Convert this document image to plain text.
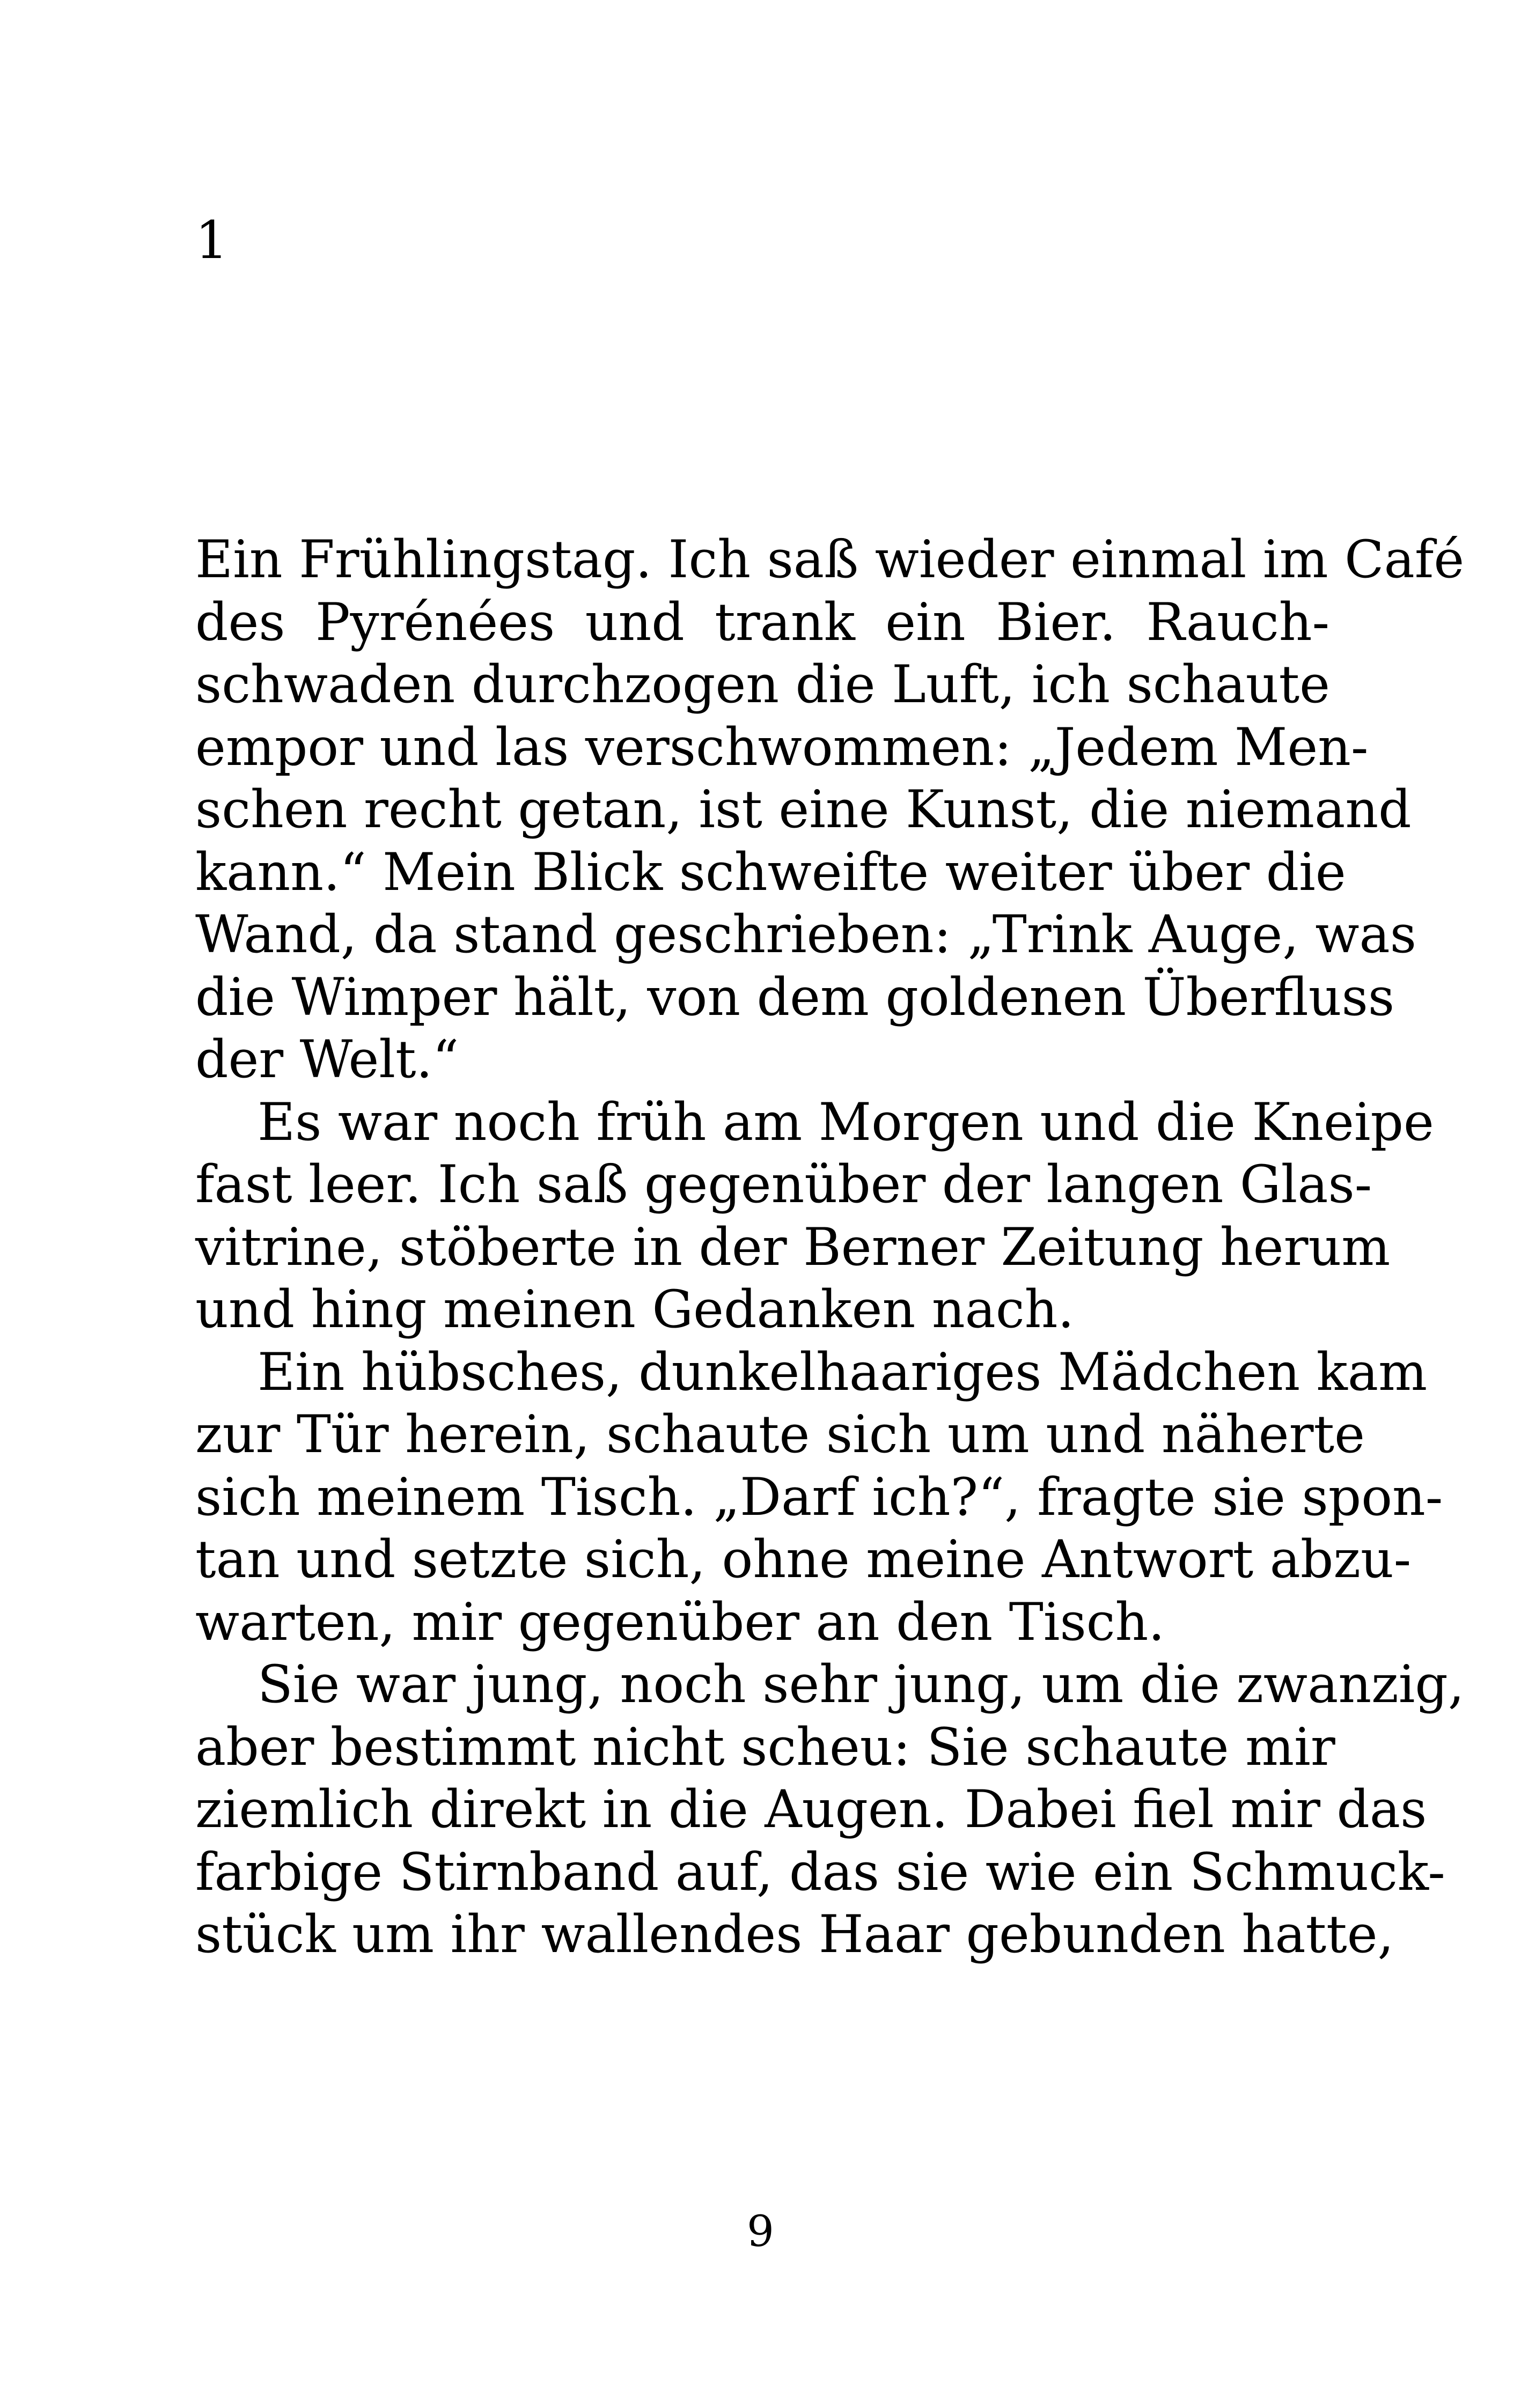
1
Ein Frühlingstag. Ich saß wieder einmal im Café
des Pyrénées und trank ein Bier. Rauch-
schwaden durchzogen die Luft, ich schaute
empor und las verschwommen: „Jedem Men-
schen recht getan, ist eine Kunst, die niemand
kann.“ Mein Blick schweifte weiter über die
Wand, da stand geschrieben: „Trink Auge, was
die Wimper hält, von dem goldenen Überfluss
der Welt.“
Es war noch früh am Morgen und die Kneipe
fast leer. Ich saß gegenüber der langen Glas-
vitrine, stöberte in der Berner Zeitung herum
und hing meinen Gedanken nach.
Ein hübsches, dunkelhaariges Mädchen kam
zur Tür herein, schaute sich um und näherte
sich meinem Tisch. „Darf ich?“, fragte sie spon-
tan und setzte sich, ohne meine Antwort abzu-
warten, mir gegenüber an den Tisch.
Sie war jung, noch sehr jung, um die zwanzig,
aber bestimmt nicht scheu: Sie schaute mir
ziemlich direkt in die Augen. Dabei fiel mir das
farbige Stirnband auf, das sie wie ein Schmuck-
stück um ihr wallendes Haar gebunden hatte,
9
